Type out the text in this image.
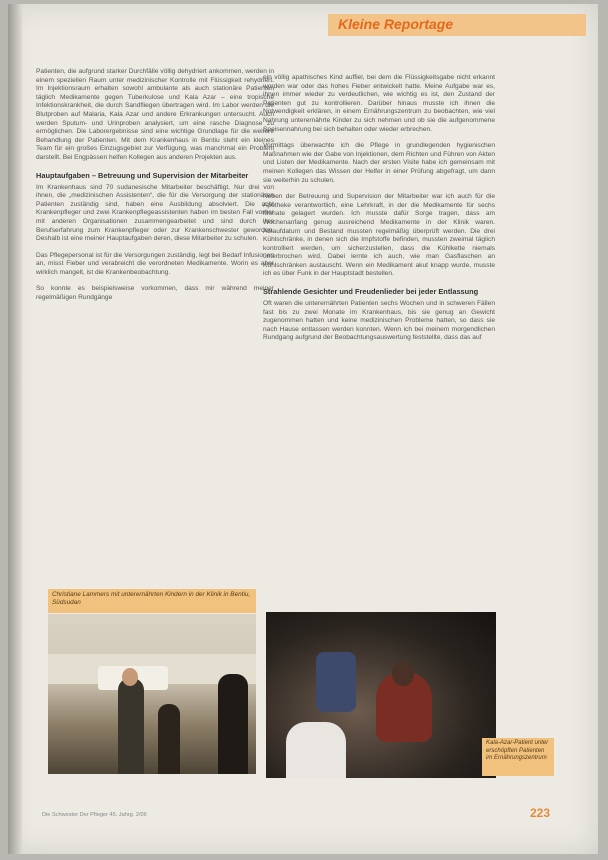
Kleine Reportage

Patienten, die aufgrund starker Durchfälle völlig dehydriert ankommen, werden in einem speziellen Raum unter medizinischer Kontrolle mit Flüssigkeit rehydriert. Im Injektionsraum erhalten sowohl ambulante als auch stationäre Patienten täglich Medikamente gegen Tuberkulose und Kala Azar – eine tropische Infektionskrankheit, die durch Sandfliegen übertragen wird. Im Labor werden die Blutproben auf Malaria, Kala Azar und andere Erkrankungen untersucht. Auch werden Sputum- und Urinproben analysiert, um eine rasche Diagnose zu ermöglichen. Die Laborergebnisse sind eine wichtige Grundlage für die weitere Behandlung der Patienten. Mit dem Krankenhaus in Bentiu steht ein kleines Team für ein großes Einzugsgebiet zur Verfügung, was manchmal ein Problem darstellt. Bei Engpässen helfen Kollegen aus anderen Projekten aus.

Hauptaufgaben – Betreuung und Supervision der Mitarbeiter

Im Krankenhaus sind 70 sudanesische Mitarbeiter beschäftigt. Nur drei von ihnen, die „medizinischen Assistenten“, die für die Versorgung der stationären Patienten zuständig sind, haben eine Ausbildung absolviert. Die acht Krankenpfleger und zwei Krankenpflegeassistenten haben im besten Fall vorher mit anderen Organisationen zusammengearbeitet und sind durch ihre Berufserfahrung zum Krankenpfleger oder zur Krankenschwester geworden. Deshalb ist eine meiner Hauptaufgaben deren, diese Mitarbeiter zu schulen.

Das Pflegepersonal ist für die Versorgungen zuständig, legt bei Bedarf Infusionen an, misst Fieber und verabreicht die verordneten Medikamente. Worin es aber wirklich mangelt, ist die Krankenbeobachtung.

So konnte es beispielsweise vorkommen, dass mir während meiner regelmäßigen Rundgänge

ein völlig apathisches Kind auffiel, bei dem die Flüssigkeitsgabe nicht erkannt worden war oder das hohes Fieber entwickelt hatte. Meine Aufgabe war es, ihnen immer wieder zu verdeutlichen, wie wichtig es ist, den Zustand der Patienten gut zu kontrollieren. Darüber hinaus musste ich ihnen die Notwendigkeit erklären, in einem Ernährungszentrum zu beobachten, wie viel Nahrung unterernährte Kinder zu sich nehmen und ob sie die aufgenommene Speisennahrung bei sich behalten oder wieder erbrechen.

Vormittags überwachte ich die Pflege in grundlegenden hygienischen Maßnahmen wie der Gabe von Injektionen, dem Richten und Führen von Akten und Listen der Medikamente. Nach der ersten Visite habe ich gemeinsam mit meinen Kollegen das Wissen der Helfer in einer Prüfung abgefragt, um dann sie weiterhin zu schulen.

Neben der Betreuung und Supervision der Mitarbeiter war ich auch für die Apotheke verantwortlich, eine Lehrkraft, in der die Medikamente für sechs Monate gelagert wurden. Ich musste dafür Sorge tragen, dass am Wochenanfang genug ausreichend Medikamente in der Klinik waren. Ablaufdaturn und Bestand mussten regelmäßig überprüft werden. Die drei Kühlschränke, in denen sich die Impfstoffe befinden, mussten zweimal täglich kontrolliert werden, um sicherzustellen, dass die Kühlkette niemals unterbrochen wird. Dabei lernte ich auch, wie man Gasflaschen an Kühlschränken austauscht. Wenn ein Medikament akut knapp wurde, musste ich es über Funk in der Hauptstadt bestellen.

Strahlende Gesichter und Freudenlieder bei jeder Entlassung

Oft waren die unterernährten Patienten sechs Wochen und in schweren Fällen fast bis zu zwei Monate im Krankenhaus, bis sie genug an Gewicht zugenommen hatten und keine medizinischen Probleme hatten, so dass sie nach Hause entlassen werden konnten. Wenn ich bei meinem morgendlichen Rundgang aufgrund der Beobachtungsauswertung feststellte, dass das auf

Christiane Lammers mit unterernährten Kindern in der Klinik in Bentiu, Südsudan
Kala-Azar-Patient unter erschöpften Patienten im Ernährungszentrum
Die Schwester Der Pfleger 45. Jahrg. 2/06	223
